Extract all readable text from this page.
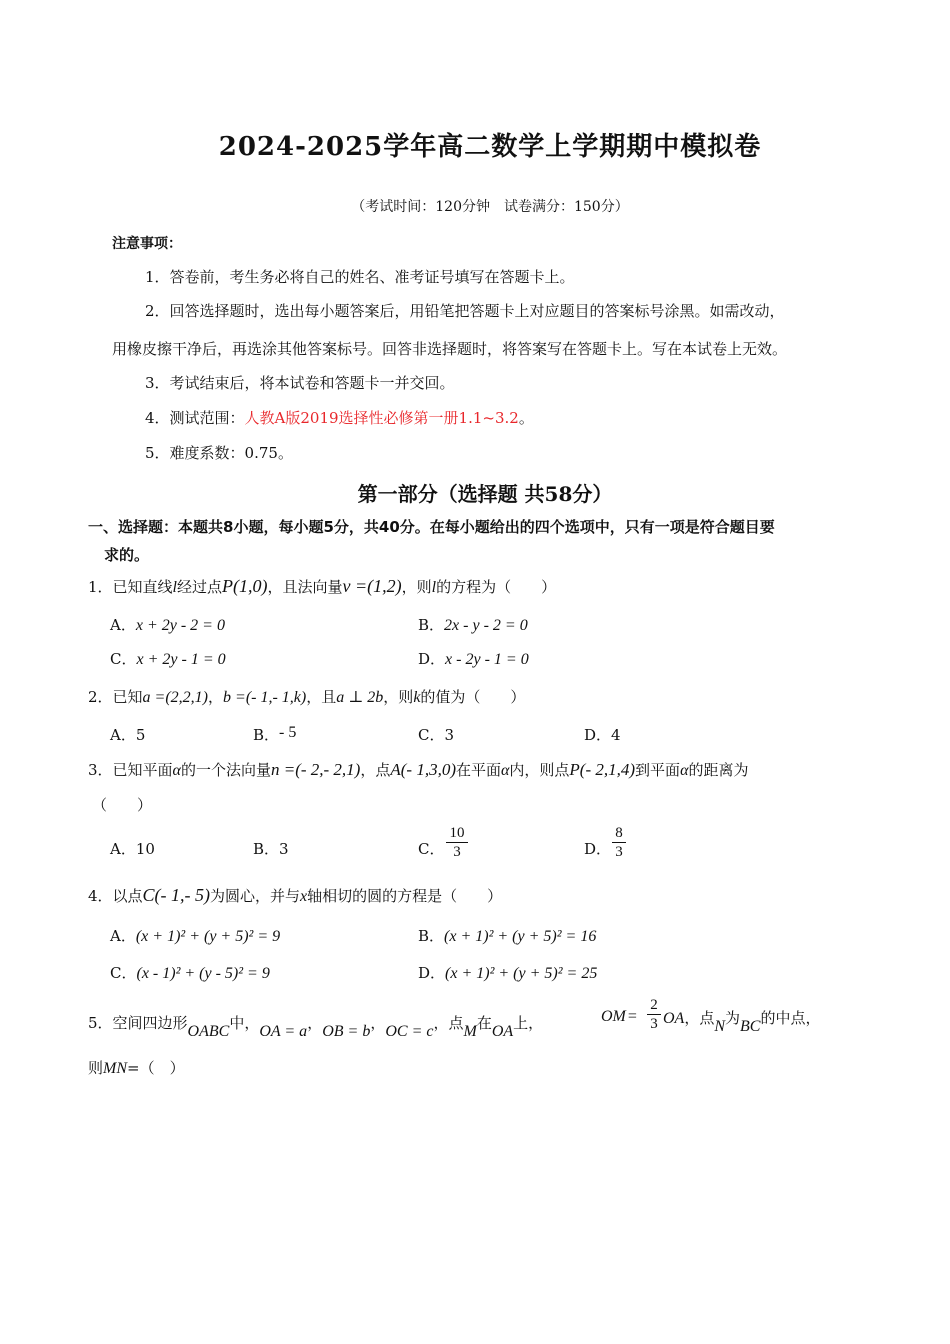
2024-2025学年高二数学上学期期中模拟卷
（考试时间：120分钟　试卷满分：150分）
注意事项：
1．答卷前，考生务必将自己的姓名、准考证号填写在答题卡上。
2．回答选择题时，选出每小题答案后，用铅笔把答题卡上对应题目的答案标号涂黑。如需改动，
用橡皮擦干净后，再选涂其他答案标号。回答非选择题时，将答案写在答题卡上。写在本试卷上无效。
3．考试结束后，将本试卷和答题卡一并交回。
4．测试范围：人教A版2019选择性必修第一册1.1~3.2。
5．难度系数：0.75。
第一部分（选择题 共58分）
一、选择题：本题共8小题，每小题5分，共40分。在每小题给出的四个选项中，只有一项是符合题目要
求的。
1．已知直线l经过点P(1,0)，且法向量v =(1,2)，则l的方程为（　　）
A．x + 2y - 2 = 0	B．2x - y - 2 = 0
C．x + 2y - 1 = 0	D．x - 2y - 1 = 0
2．已知a =(2,2,1)，b =(- 1,- 1,k)，且a ⊥ 2b，则k的值为（　　）
A．5	B．- 5	C．3	D．4
3．已知平面α的一个法向量n =(- 2,- 2,1)，点A(- 1,3,0)在平面α内，则点P(- 2,1,4)到平面α的距离为
（　　）
A．10	B．3	C． $\frac{10}{3}$	D． $\frac{8}{3}$
4．以点C(- 1,- 5)为圆心，并与x轴相切的圆的方程是（　　）
A．(x + 1)² + (y + 5)² = 9	B．(x + 1)² + (y + 5)² = 16
C．(x - 1)² + (y - 5)² = 9	D．(x + 1)² + (y + 5)² = 25
5．空间四边形OABC中，OA = a，OB = b，OC = c，点M在OA上，	OM = $\frac{2}{3}$ OA，点N为BC的中点，
则MN=（　）
